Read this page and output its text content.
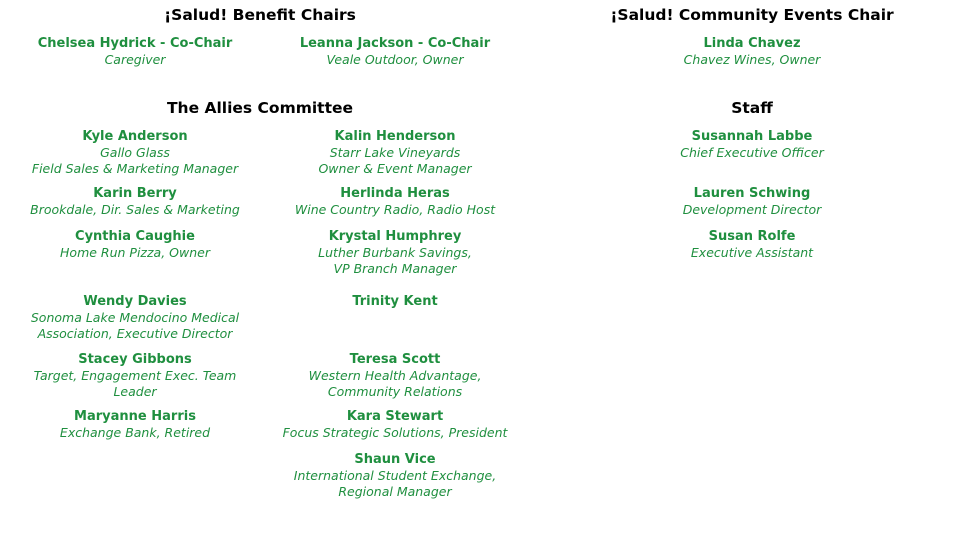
¡Salud! Benefit Chairs	¡Salud! Community Events Chair
The Allies Committee	Staff
Chelsea Hydrick - Co-Chair
Caregiver
Leanna Jackson - Co-Chair
Veale Outdoor, Owner
Linda Chavez
Chavez Wines, Owner
Kyle Anderson
Gallo Glass
Field Sales & Marketing Manager
Karin Berry
Brookdale, Dir. Sales & Marketing
Cynthia Caughie
Home Run Pizza, Owner
Wendy Davies
Sonoma Lake Mendocino Medical
Association, Executive Director
Stacey Gibbons
Target, Engagement Exec. Team
Leader
Maryanne Harris
Exchange Bank, Retired
Kalin Henderson
Starr Lake Vineyards
Owner & Event Manager
Herlinda Heras
Wine Country Radio, Radio Host
Krystal Humphrey
Luther Burbank Savings,
VP Branch Manager
Trinity Kent
Teresa Scott
Western Health Advantage,
Community Relations
Kara Stewart
Focus Strategic Solutions, President
Shaun Vice
International Student Exchange,
Regional Manager
Susannah Labbe
Chief Executive Officer
Lauren Schwing
Development Director
Susan Rolfe
Executive Assistant
